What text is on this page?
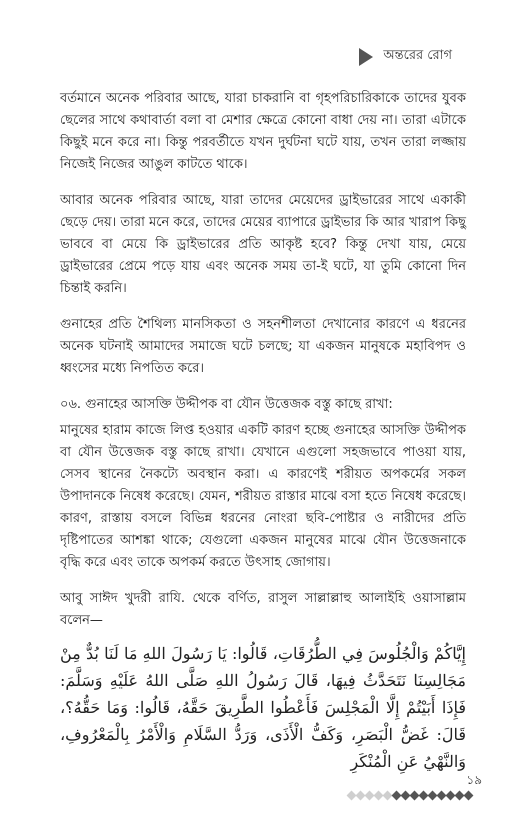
অন্তরের রোগ

বর্তমানে অনেক পরিবার আছে, যারা চাকরানি বা গৃহপরিচারিকাকে তাদের যুবক ছেলের সাথে কথাবার্তা বলা বা মেশার ক্ষেত্রে কোনো বাধা দেয় না। তারা এটাকে কিছুই মনে করে না। কিন্তু পরবর্তীতে যখন দুর্ঘটনা ঘটে যায়, তখন তারা লজ্জায় নিজেই নিজের আঙুল কাটতে থাকে।

আবার অনেক পরিবার আছে, যারা তাদের মেয়েদের ড্রাইভারের সাথে একাকী ছেড়ে দেয়। তারা মনে করে, তাদের মেয়ের ব্যাপারে ড্রাইভার কি আর খারাপ কিছু ভাববে বা মেয়ে কি ড্রাইভারের প্রতি আকৃষ্ট হবে? কিন্তু দেখা যায়, মেয়ে ড্রাইভারের প্রেমে পড়ে যায় এবং অনেক সময় তা-ই ঘটে, যা তুমি কোনো দিন চিন্তাই করনি।

গুনাহের প্রতি শৈথিল্য মানসিকতা ও সহনশীলতা দেখানোর কারণে এ ধরনের অনেক ঘটনাই আমাদের সমাজে ঘটে চলছে; যা একজন মানুষকে মহাবিপদ ও ধ্বংসের মধ্যে নিপতিত করে।

০৬. গুনাহের আসক্তি উদ্দীপক বা যৌন উত্তেজক বস্তু কাছে রাখা:

মানুষের হারাম কাজে লিপ্ত হওয়ার একটি কারণ হচ্ছে গুনাহের আসক্তি উদ্দীপক বা যৌন উত্তেজক বস্তু কাছে রাখা। যেখানে এগুলো সহজভাবে পাওয়া যায়, সেসব স্থানের নৈকট্যে অবস্থান করা। এ কারণেই শরীয়ত অপকর্মের সকল উপাদানকে নিষেধ করেছে। যেমন, শরীয়ত রাস্তার মাঝে বসা হতে নিষেধ করেছে। কারণ, রাস্তায় বসলে বিভিন্ন ধরনের নোংরা ছবি-পোষ্টার ও নারীদের প্রতি দৃষ্টিপাতের আশঙ্কা থাকে; যেগুলো একজন মানুষের মাঝে যৌন উত্তেজনাকে বৃদ্ধি করে এবং তাকে অপকর্ম করতে উৎসাহ জোগায়।

আবু সাঈদ খুদরী রাযি. থেকে বর্ণিত, রাসুল সাল্লাল্লাহু আলাইহি ওয়াসাল্লাম বলেন—

إِيَّاكُمْ وَالْجُلُوسَ فِي الطُّرُقَاتِ، قَالُوا: يَا رَسُولَ اللهِ مَا لَنَا بُدٌّ مِنْ مَجَالِسِنَا نَتَحَدَّثُ فِيهَا، قَالَ رَسُولُ اللهِ صَلَّى اللهُ عَلَيْهِ وَسَلَّمَ: فَإِذَا أَبَيْتُمْ إِلَّا الْمَجْلِسَ فَأَعْطُوا الطَّرِيقَ حَقَّهُ، قَالُوا: وَمَا حَقُّهُ؟، قَالَ: غَضُّ الْبَصَرِ، وَكَفُّ الْأَذَى، وَرَدُّ السَّلَامِ وَالْأَمْرُ بِالْمَعْرُوفِ، وَالنَّهْيُ عَنِ الْمُنْكَرِ
১৯
